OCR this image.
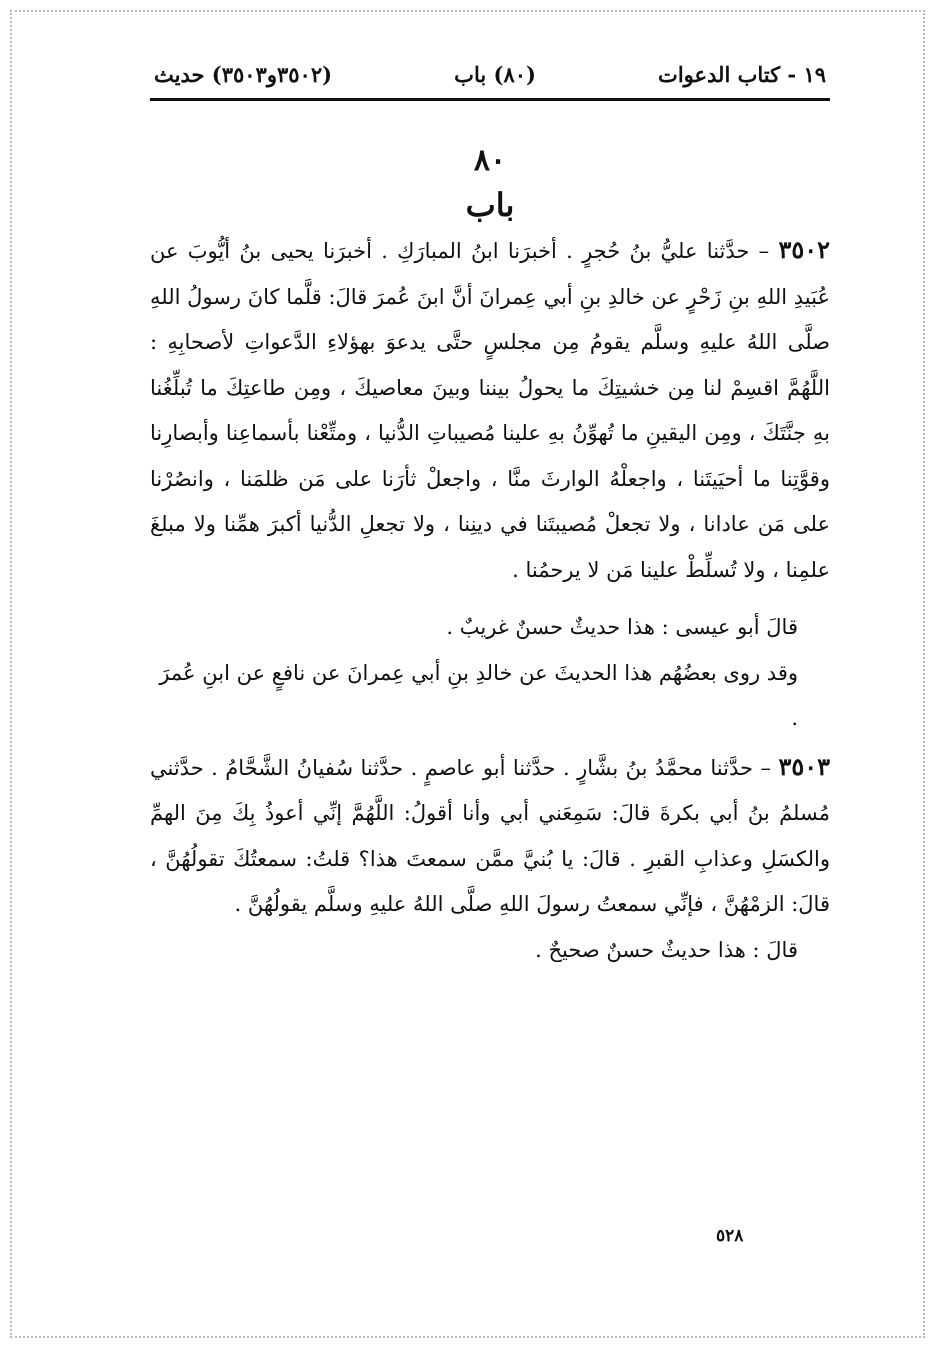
١٩ - كتاب الدعوات
(٨٠) باب
(٣٥٠٢و٣٥٠٣) حديث
٨٠
باب

٣٥٠٢ – حدَّثنا عليُّ بنُ حُجرٍ . أخبرَنا ابنُ المبارَكِ . أخبرَنا يحيى بنُ أيُّوبَ عن عُبَيدِ اللهِ بنِ زَحْرٍ عن خالدِ بنِ أبي عِمرانَ أنَّ ابنَ عُمرَ قالَ: قلَّما كانَ رسولُ اللهِ صلَّى اللهُ عليهِ وسلَّم يقومُ مِن مجلسٍ حتَّى يدعوَ بهؤلاءِ الدَّعواتِ لأصحابِهِ : اللَّهُمَّ اقسِمْ لنا مِن خشيتِكَ ما يحولُ بيننا وبينَ معاصيكَ ، ومِن طاعتِكَ ما تُبلِّغُنا بهِ جنَّتَكَ ، ومِن اليقينِ ما تُهوِّنُ بهِ علينا مُصيباتِ الدُّنيا ، ومتِّعْنا بأسماعِنا وأبصارِنا وقوَّتِنا ما أحيَيتَنا ، واجعلْهُ الوارثَ منَّا ، واجعلْ ثأرَنا على مَن ظلمَنا ، وانصُرْنا على مَن عادانا ، ولا تجعلْ مُصيبتَنا في دينِنا ، ولا تجعلِ الدُّنيا أكبرَ همِّنا ولا مبلغَ علمِنا ، ولا تُسلِّطْ علينا مَن لا يرحمُنا .

قالَ أبو عيسى : هذا حديثٌ حسنٌ غريبٌ .

وقد روى بعضُهُم هذا الحديثَ عن خالدِ بنِ أبي عِمرانَ عن نافعٍ عن ابنِ عُمرَ .

٣٥٠٣ – حدَّثنا محمَّدُ بنُ بشَّارٍ . حدَّثنا أبو عاصمٍ . حدَّثنا سُفيانُ الشَّحَّامُ . حدَّثني مُسلمُ بنُ أبي بكرةَ قالَ: سَمِعَني أبي وأنا أقولُ: اللَّهُمَّ إنِّي أعوذُ بِكَ مِنَ الهمِّ والكسَلِ وعذابِ القبرِ . قالَ: يا بُنيَّ ممَّن سمعتَ هذا؟ قلتُ: سمعتُكَ تقولُهُنَّ ، قالَ: الزمْهُنَّ ، فإنِّي سمعتُ رسولَ اللهِ صلَّى اللهُ عليهِ وسلَّم يقولُهُنَّ .

قالَ : هذا حديثٌ حسنٌ صحيحٌ .

٥٢٨
